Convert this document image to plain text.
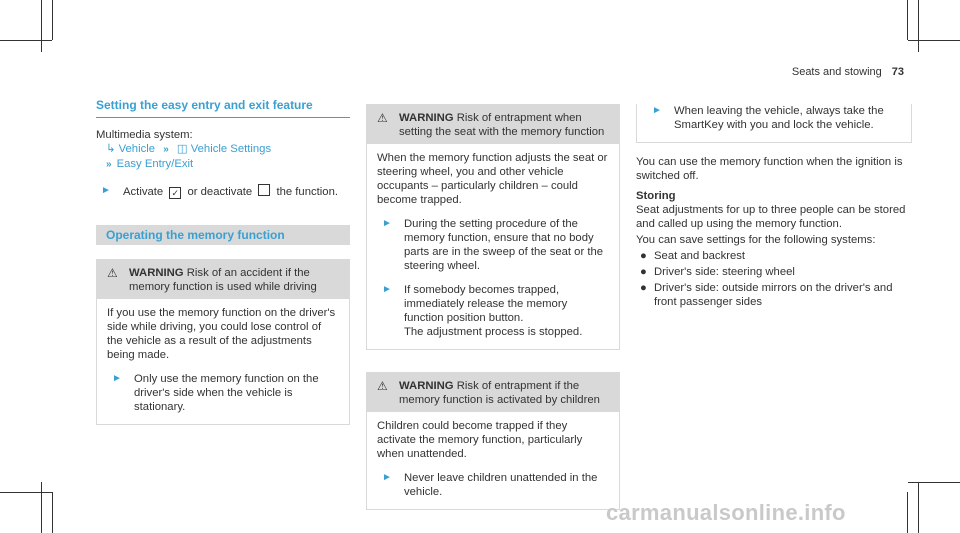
Seats and stowing 73
Setting the easy entry and exit feature

Multimedia system:

↳ Vehicle » ◫ Vehicle Settings
» Easy Entry/Exit
►	Activate ✓ or deactivate the function.
Operating the memory function
⚠ WARNING Risk of an accident if the memory function is used while driving

If you use the memory function on the driver's side while driving, you could lose control of the vehicle as a result of the adjustments being made.

►	Only use the memory function on the driver's side when the vehicle is stationary.
⚠ WARNING Risk of entrapment when setting the seat with the memory function

When the memory function adjusts the seat or steering wheel, you and other vehicle occupants – particularly children – could become trapped.

►	During the setting procedure of the memory function, ensure that no body parts are in the sweep of the seat or the steering wheel.
►	If somebody becomes trapped, immediately release the memory function position button.
The adjustment process is stopped.
⚠ WARNING Risk of entrapment if the memory function is activated by children

Children could become trapped if they activate the memory function, particularly when unattended.

►	Never leave children unattended in the vehicle.
►	When leaving the vehicle, always take the SmartKey with you and lock the vehicle.

You can use the memory function when the ignition is switched off.

Storing

Seat adjustments for up to three people can be stored and called up using the memory function.

You can save settings for the following systems:

● Seat and backrest
● Driver's side: steering wheel
● Driver's side: outside mirrors on the driver's and front passenger sides
carmanualsonline.info
